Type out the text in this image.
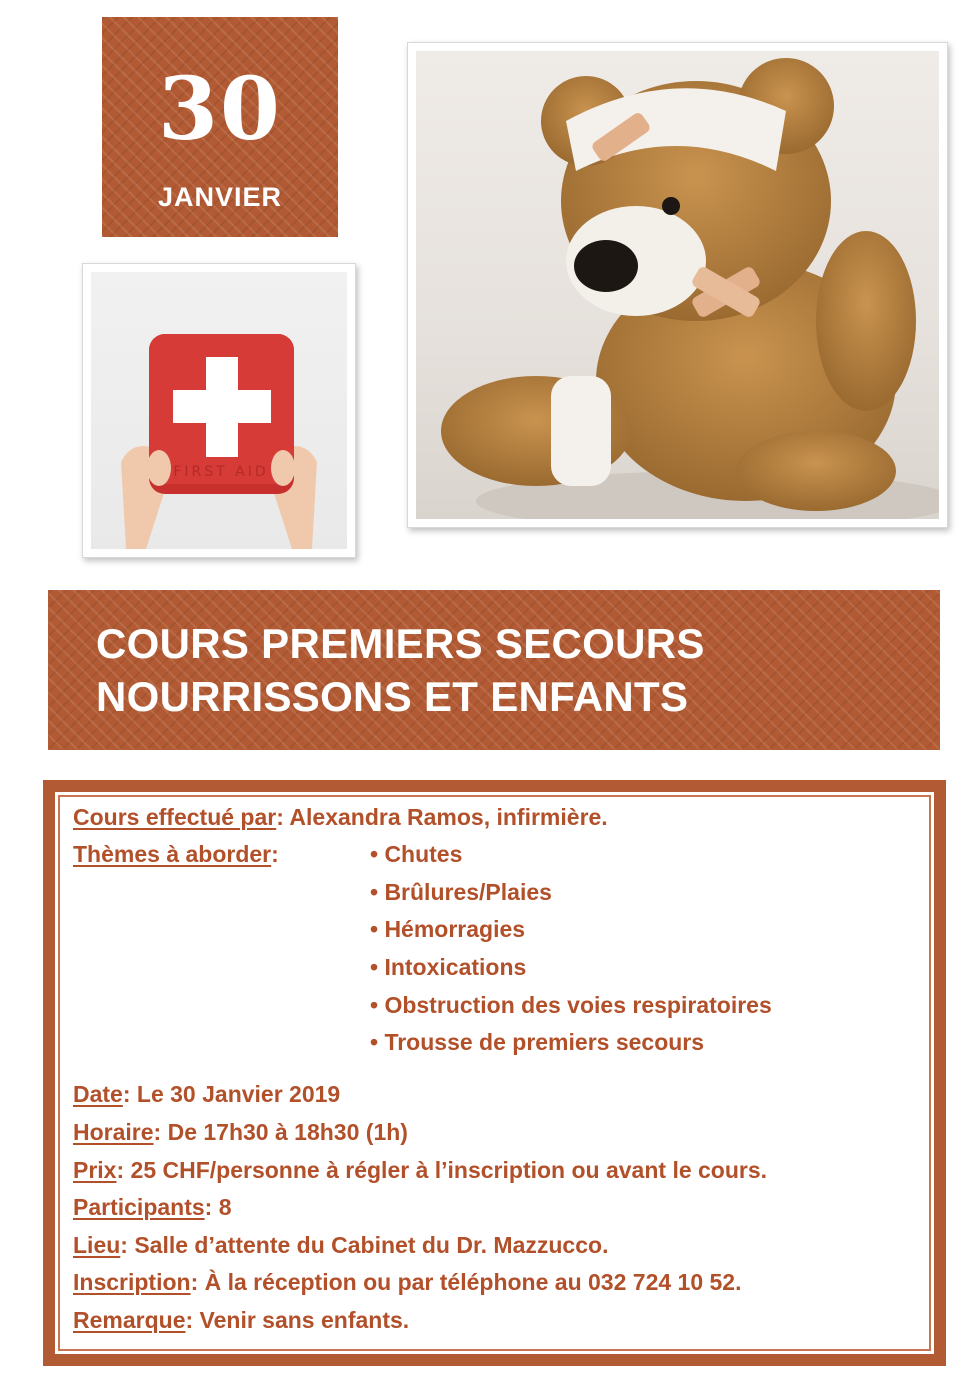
30
JANVIER
FIRST AID
COURS PREMIERS SECOURS
NOURRISSONS ET ENFANTS
Cours effectué par: Alexandra Ramos, infirmière.
Thèmes à aborder:	• Chutes
• Brûlures/Plaies
• Hémorragies
• Intoxications
• Obstruction des voies respiratoires
• Trousse de premiers secours
Date: Le 30 Janvier 2019
Horaire: De 17h30 à 18h30 (1h)
Prix: 25 CHF/personne à régler à l’inscription ou avant le cours.
Participants: 8
Lieu: Salle d’attente du Cabinet du Dr. Mazzucco.
Inscription: À la réception ou par téléphone au 032 724 10 52.
Remarque: Venir sans enfants.
